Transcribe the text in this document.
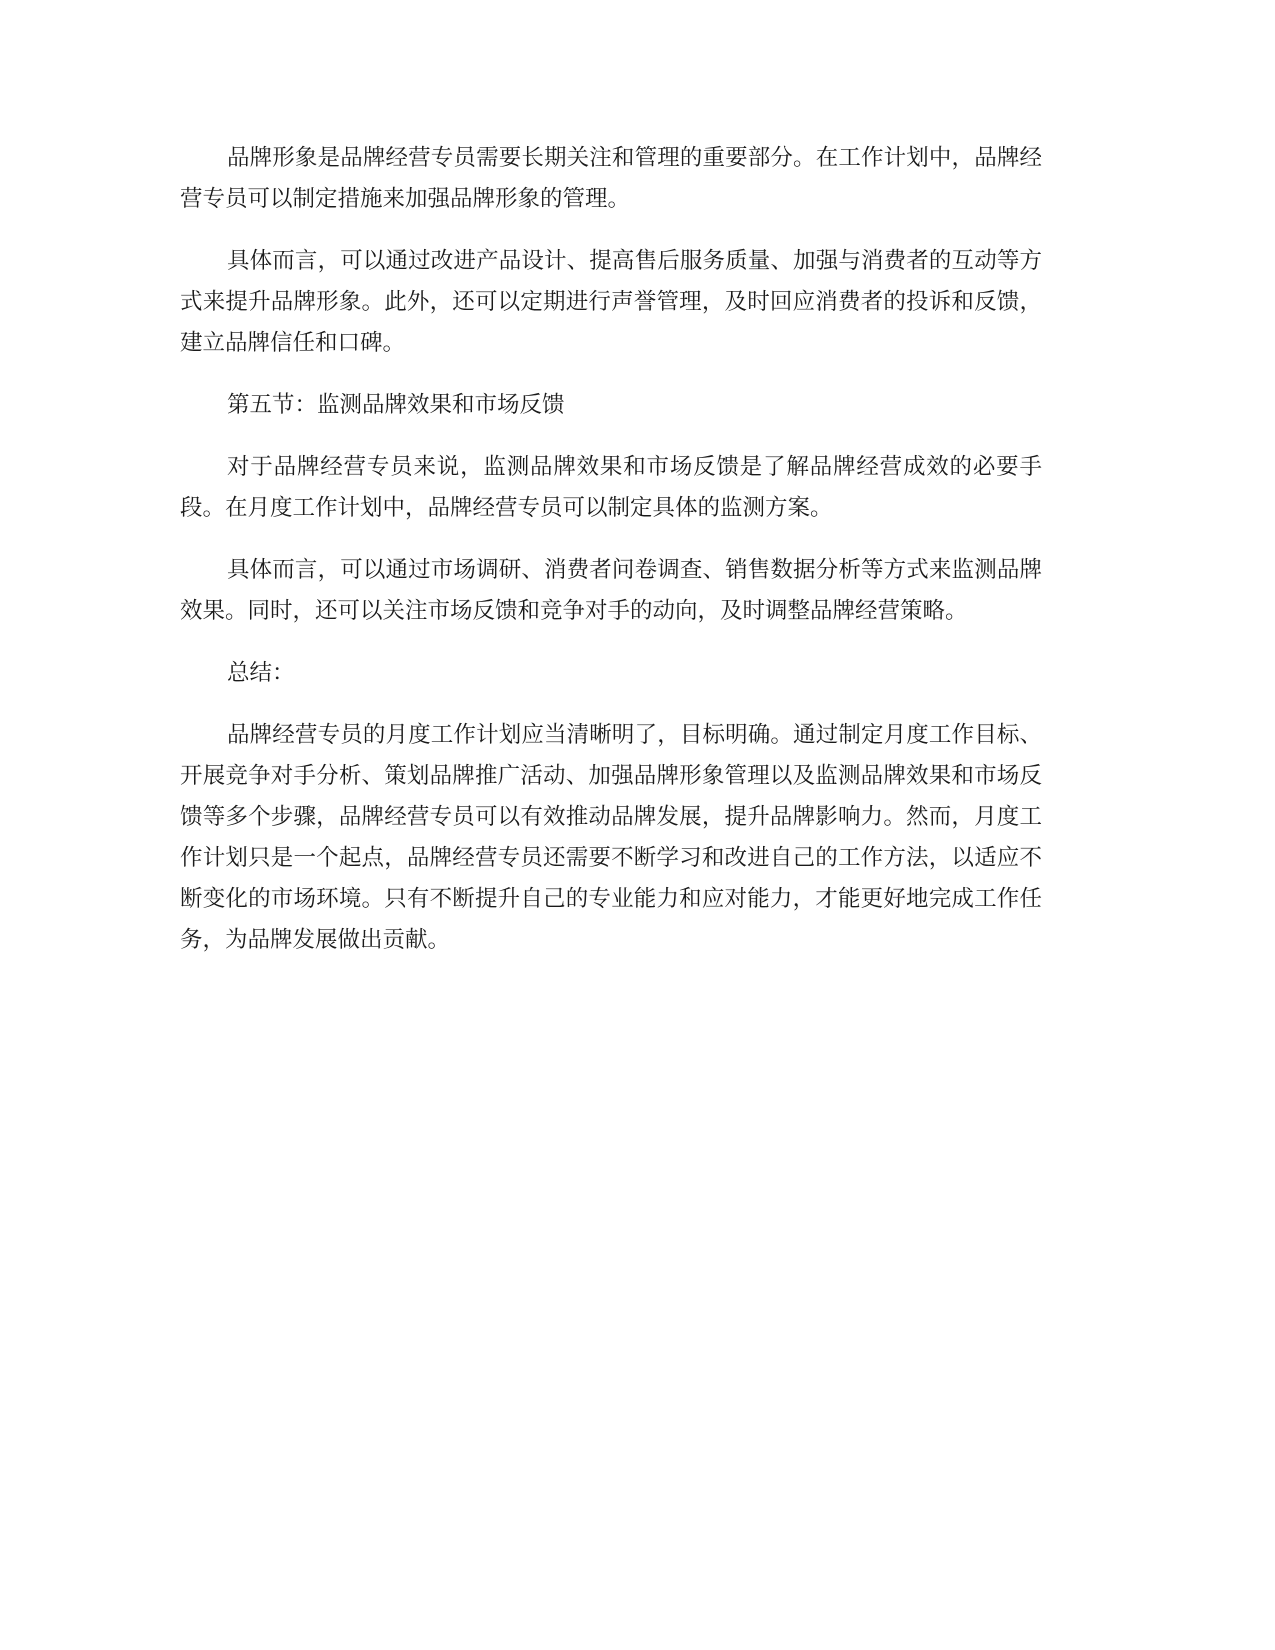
品牌形象是品牌经营专员需要长期关注和管理的重要部分。在工作计划中，品牌经营专员可以制定措施来加强品牌形象的管理。

具体而言，可以通过改进产品设计、提高售后服务质量、加强与消费者的互动等方式来提升品牌形象。此外，还可以定期进行声誉管理，及时回应消费者的投诉和反馈，建立品牌信任和口碑。

第五节：监测品牌效果和市场反馈

对于品牌经营专员来说，监测品牌效果和市场反馈是了解品牌经营成效的必要手段。在月度工作计划中，品牌经营专员可以制定具体的监测方案。

具体而言，可以通过市场调研、消费者问卷调查、销售数据分析等方式来监测品牌效果。同时，还可以关注市场反馈和竞争对手的动向，及时调整品牌经营策略。

总结：

品牌经营专员的月度工作计划应当清晰明了，目标明确。通过制定月度工作目标、开展竞争对手分析、策划品牌推广活动、加强品牌形象管理以及监测品牌效果和市场反馈等多个步骤，品牌经营专员可以有效推动品牌发展，提升品牌影响力。然而，月度工作计划只是一个起点，品牌经营专员还需要不断学习和改进自己的工作方法，以适应不断变化的市场环境。只有不断提升自己的专业能力和应对能力，才能更好地完成工作任务，为品牌发展做出贡献。
